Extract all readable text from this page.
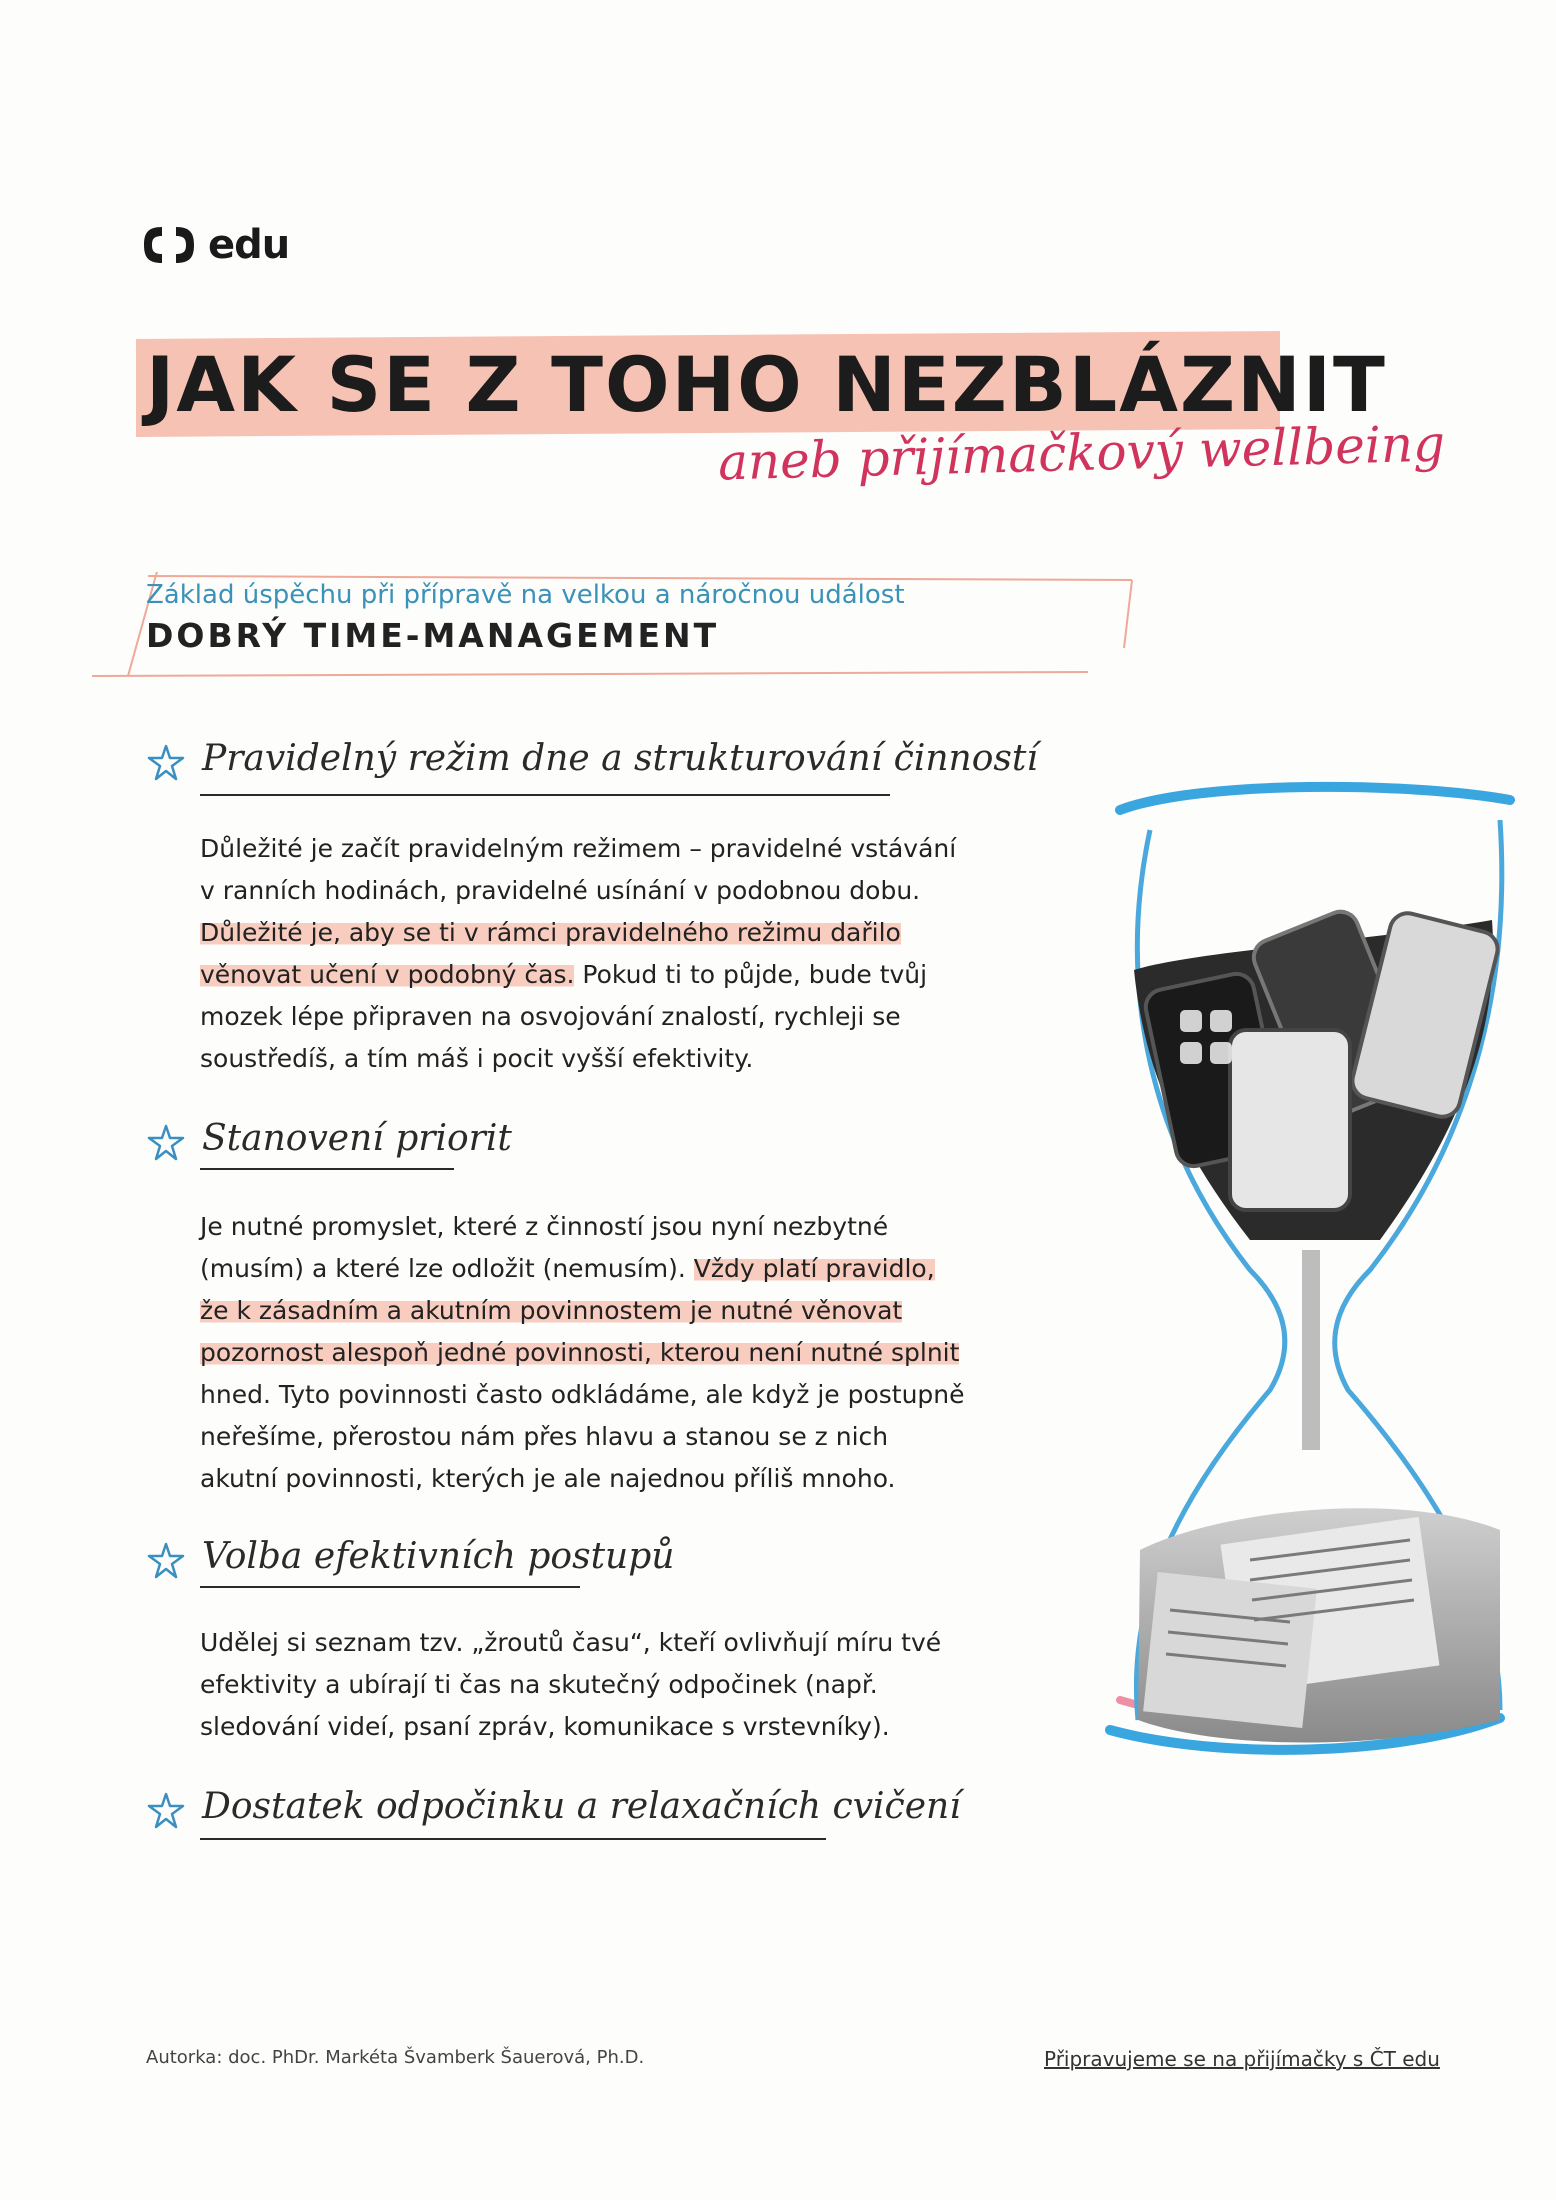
edu
JAK SE Z TOHO NEZBLÁZNIT
aneb přijímačkový wellbeing
Základ úspěchu při přípravě na velkou a náročnou událost
DOBRÝ TIME-MANAGEMENT
Pravidelný režim dne a strukturování činností
Důležité je začít pravidelným režimem – pravidelné vstávání v ranních hodinách, pravidelné usínání v podobnou dobu. Důležité je, aby se ti v rámci pravidelného režimu dařilo věnovat učení v podobný čas. Pokud ti to půjde, bude tvůj mozek lépe připraven na osvojování znalostí, rychleji se soustředíš, a tím máš i pocit vyšší efektivity.
Stanovení priorit
Je nutné promyslet, které z činností jsou nyní nezbytné (musím) a které lze odložit (nemusím). Vždy platí pravidlo, že k zásadním a akutním povinnostem je nutné věnovat pozornost alespoň jedné povinnosti, kterou není nutné splnit hned. Tyto povinnosti často odkládáme, ale když je postupně neřešíme, přerostou nám přes hlavu a stanou se z nich akutní povinnosti, kterých je ale najednou příliš mnoho.
Volba efektivních postupů
Udělej si seznam tzv. „žroutů času“, kteří ovlivňují míru tvé efektivity a ubírají ti čas na skutečný odpočinek (např. sledování videí, psaní zpráv, komunikace s vrstevníky).
Dostatek odpočinku a relaxačních cvičení
Autorka: doc. PhDr. Markéta Švamberk Šauerová, Ph.D.	Připravujeme se na přijímačky s ČT edu
